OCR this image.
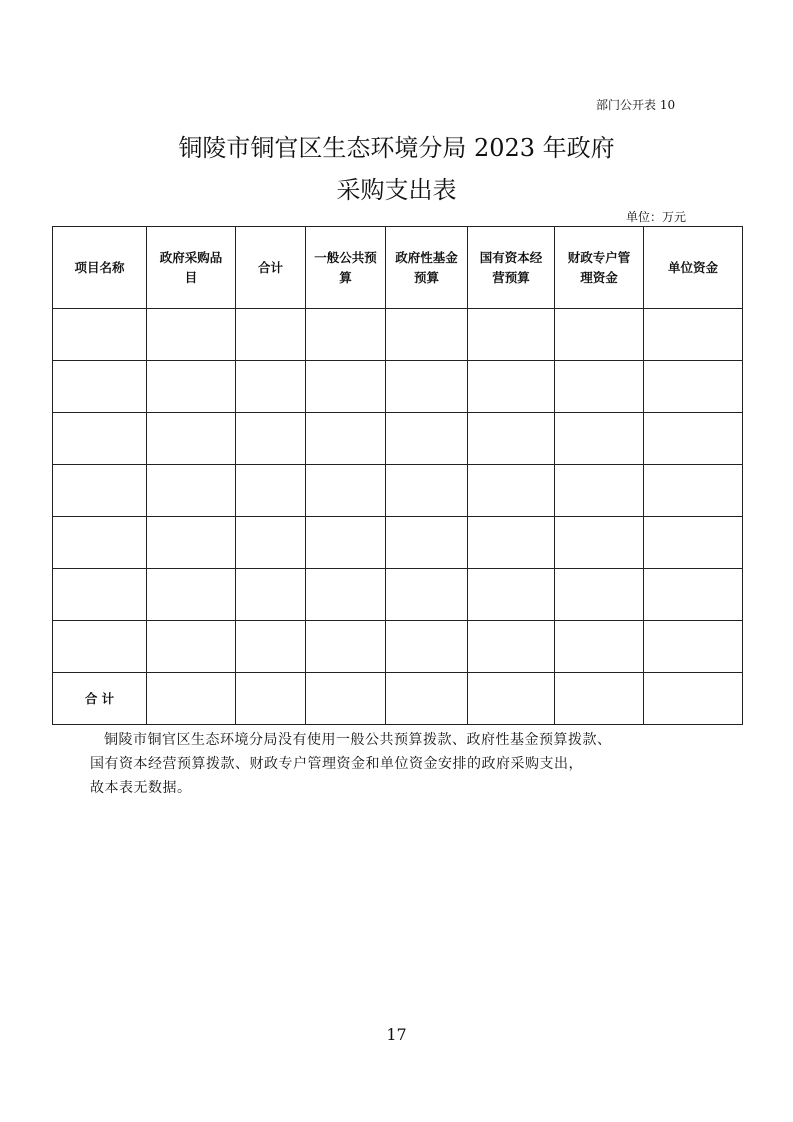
部门公开表 10
铜陵市铜官区生态环境分局 2023 年政府
采购支出表
单位：万元
项目名称	政府采购品目	合计	一般公共预算	政府性基金预算	国有资本经营预算	财政专户管理资金	单位资金

合 计							

铜陵市铜官区生态环境分局没有使用一般公共预算拨款、政府性基金预算拨款、

国有资本经营预算拨款、财政专户管理资金和单位资金安排的政府采购支出，

故本表无数据。

17
